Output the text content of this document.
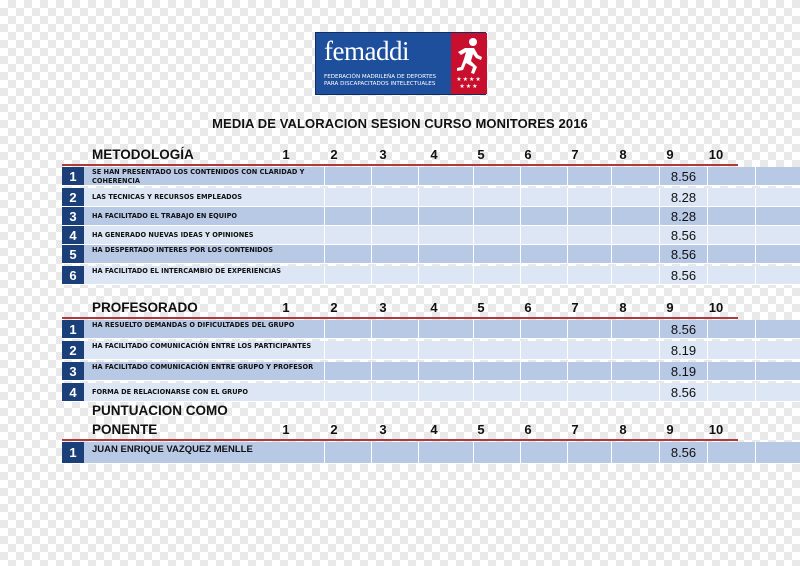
femaddi
FEDERACIÓN MADRILEÑA DE DEPORTES PARA DISCAPACITADOS INTELECTUALES
★★★★ ★★★
MEDIA DE VALORACION SESION CURSO MONITORES 2016
METODOLOGÍA	1	2	3	4	5	6	7	8	9	10
1	SE HAN PRESENTADO LOS CONTENIDOS CON CLARIDAD Y COHERENCIA	8.56
2	LAS TECNICAS Y RECURSOS EMPLEADOS	8.28
3	HA FACILITADO EL TRABAJO EN EQUIPO	8.28
4	HA GENERADO NUEVAS IDEAS Y OPINIONES	8.56
5	HA DESPERTADO INTERES POR LOS CONTENIDOS	8.56
6	HA FACILITADO EL INTERCAMBIO DE EXPERIENCIAS	8.56
PROFESORADO	1	2	3	4	5	6	7	8	9	10
1	HA RESUELTO DEMANDAS O DIFICULTADES DEL GRUPO	8.56
2	HA FACILITADO COMUNICACIÓN ENTRE LOS PARTICIPANTES	8.19
3	HA FACILITADO COMUNICACIÓN ENTRE GRUPO Y PROFESOR	8.19
4	FORMA DE RELACIONARSE CON EL GRUPO	8.56
PUNTUACION COMO
PONENTE	1	2	3	4	5	6	7	8	9	10
1	JUAN ENRIQUE VAZQUEZ MENLLE	8.56
